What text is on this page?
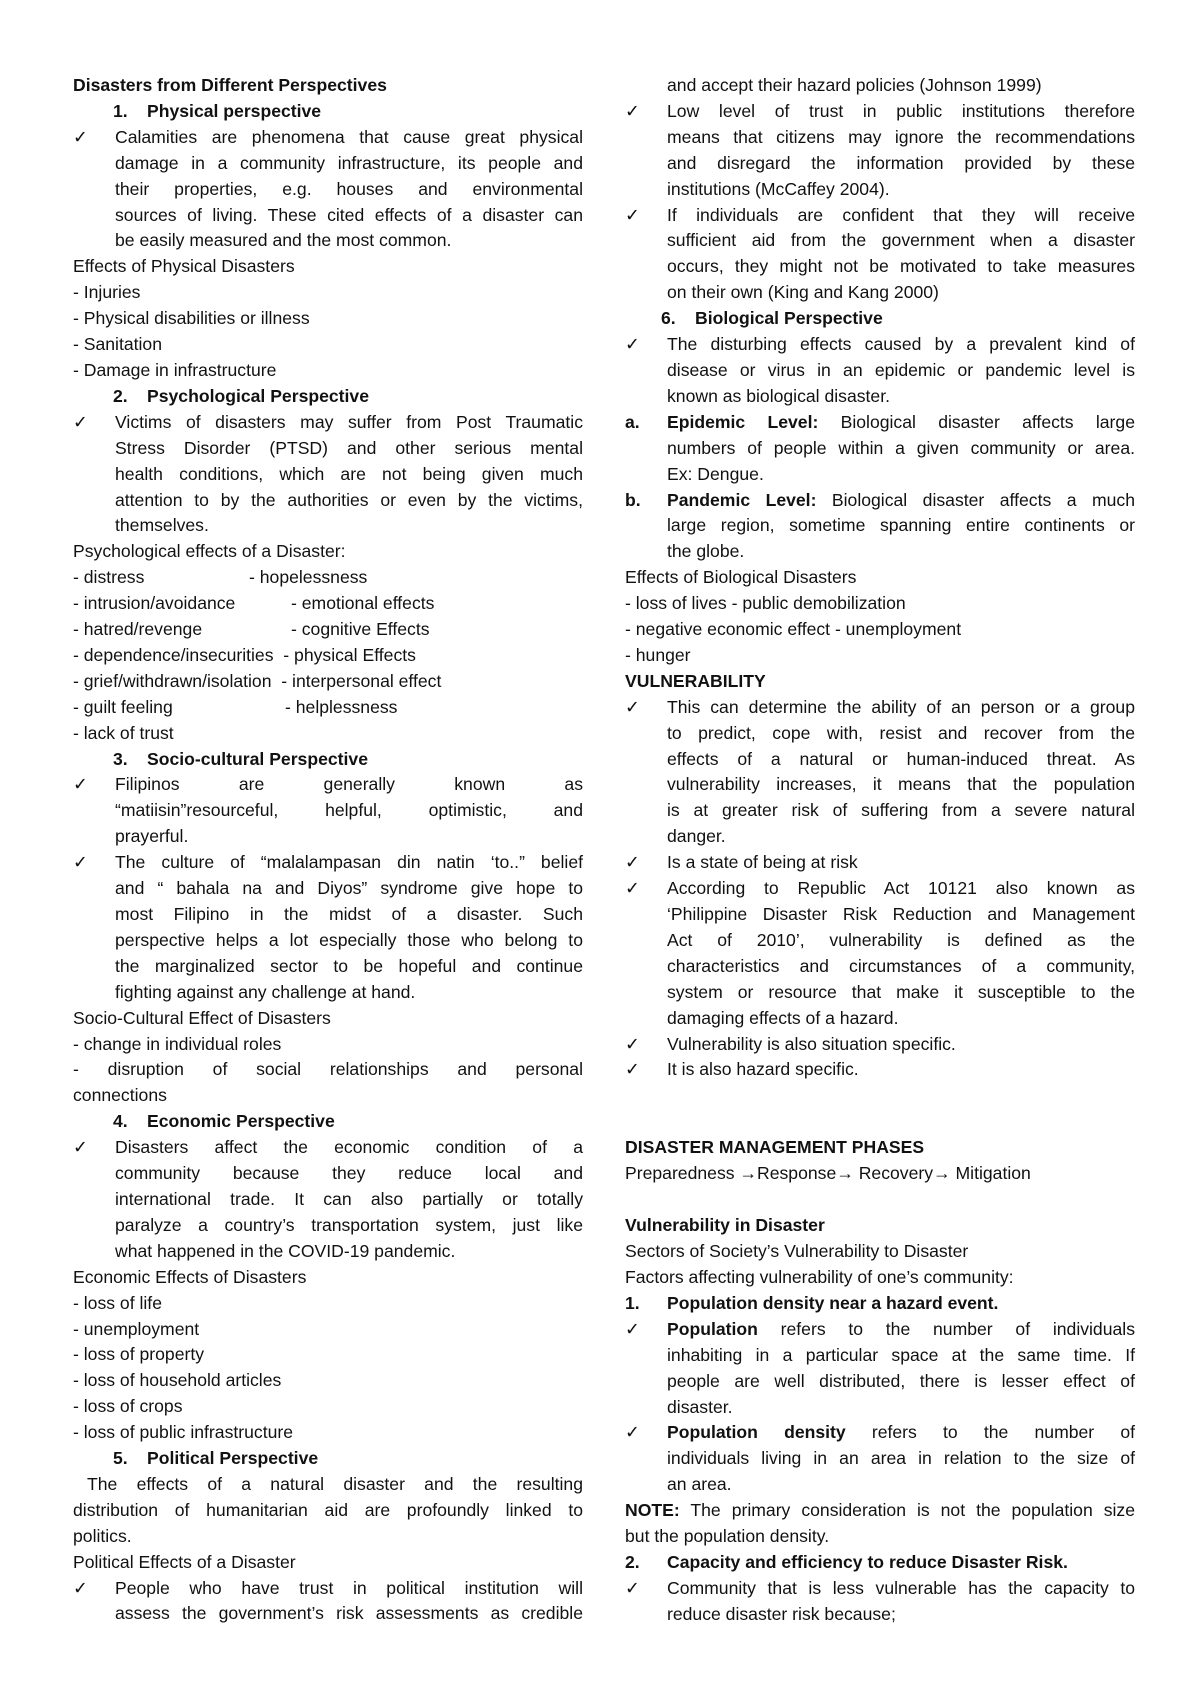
Disasters from Different Perspectives
1. Physical perspective
✓	Calamities are phenomena that cause great physical
damage in a community infrastructure, its people and
their properties, e.g. houses and environmental
sources of living. These cited effects of a disaster can
be easily measured and the most common.
Effects of Physical Disasters
- Injuries
- Physical disabilities or illness
- Sanitation
- Damage in infrastructure
2. Psychological Perspective
✓	Victims of disasters may suffer from Post Traumatic
Stress Disorder (PTSD) and other serious mental
health conditions, which are not being given much
attention to by the authorities or even by the victims,
themselves.
Psychological effects of a Disaster:
- distress	- hopelessness
- intrusion/avoidance	- emotional effects
- hatred/revenge	- cognitive Effects
- dependence/insecurities - physical Effects
- grief/withdrawn/isolation - interpersonal effect
- guilt feeling	- helplessness
- lack of trust
3. Socio-cultural Perspective
✓	Filipinos are generally known as
“matiisin”resourceful, helpful, optimistic, and
prayerful.
✓	The culture of “malalampasan din natin ‘to..” belief
and “ bahala na and Diyos” syndrome give hope to
most Filipino in the midst of a disaster. Such
perspective helps a lot especially those who belong to
the marginalized sector to be hopeful and continue
fighting against any challenge at hand.
Socio-Cultural Effect of Disasters
- change in individual roles
- disruption of social relationships and personal
connections
4. Economic Perspective
✓	Disasters affect the economic condition of a
community because they reduce local and
international trade. It can also partially or totally
paralyze a country’s transportation system, just like
what happened in the COVID-19 pandemic.
Economic Effects of Disasters
- loss of life
- unemployment
- loss of property
- loss of household articles
- loss of crops
- loss of public infrastructure
5. Political Perspective
The effects of a natural disaster and the resulting
distribution of humanitarian aid are profoundly linked to
politics.
Political Effects of a Disaster
✓	People who have trust in political institution will
assess the government’s risk assessments as credible
and accept their hazard policies (Johnson 1999)
✓	Low level of trust in public institutions therefore
means that citizens may ignore the recommendations
and disregard the information provided by these
institutions (McCaffey 2004).
✓	If individuals are confident that they will receive
sufficient aid from the government when a disaster
occurs, they might not be motivated to take measures
on their own (King and Kang 2000)
6. Biological Perspective
✓	The disturbing effects caused by a prevalent kind of
disease or virus in an epidemic or pandemic level is
known as biological disaster.
a.	Epidemic Level: Biological disaster affects large
numbers of people within a given community or area.
Ex: Dengue.
b.	Pandemic Level: Biological disaster affects a much
large region, sometime spanning entire continents or
the globe.
Effects of Biological Disasters
- loss of lives - public demobilization
- negative economic effect - unemployment
- hunger
VULNERABILITY
✓	This can determine the ability of an person or a group
to predict, cope with, resist and recover from the
effects of a natural or human-induced threat. As
vulnerability increases, it means that the population
is at greater risk of suffering from a severe natural
danger.
✓	Is a state of being at risk
✓	According to Republic Act 10121 also known as
‘Philippine Disaster Risk Reduction and Management
Act of 2010’, vulnerability is defined as the
characteristics and circumstances of a community,
system or resource that make it susceptible to the
damaging effects of a hazard.
✓	Vulnerability is also situation specific.
✓	It is also hazard specific.
DISASTER MANAGEMENT PHASES
Preparedness →Response→ Recovery→ Mitigation
Vulnerability in Disaster
Sectors of Society’s Vulnerability to Disaster
Factors affecting vulnerability of one’s community:
1.	Population density near a hazard event.
✓	Population refers to the number of individuals
inhabiting in a particular space at the same time. If
people are well distributed, there is lesser effect of
disaster.
✓	Population density refers to the number of
individuals living in an area in relation to the size of
an area.
NOTE: The primary consideration is not the population size
but the population density.
2.	Capacity and efficiency to reduce Disaster Risk.
✓	Community that is less vulnerable has the capacity to
reduce disaster risk because;
